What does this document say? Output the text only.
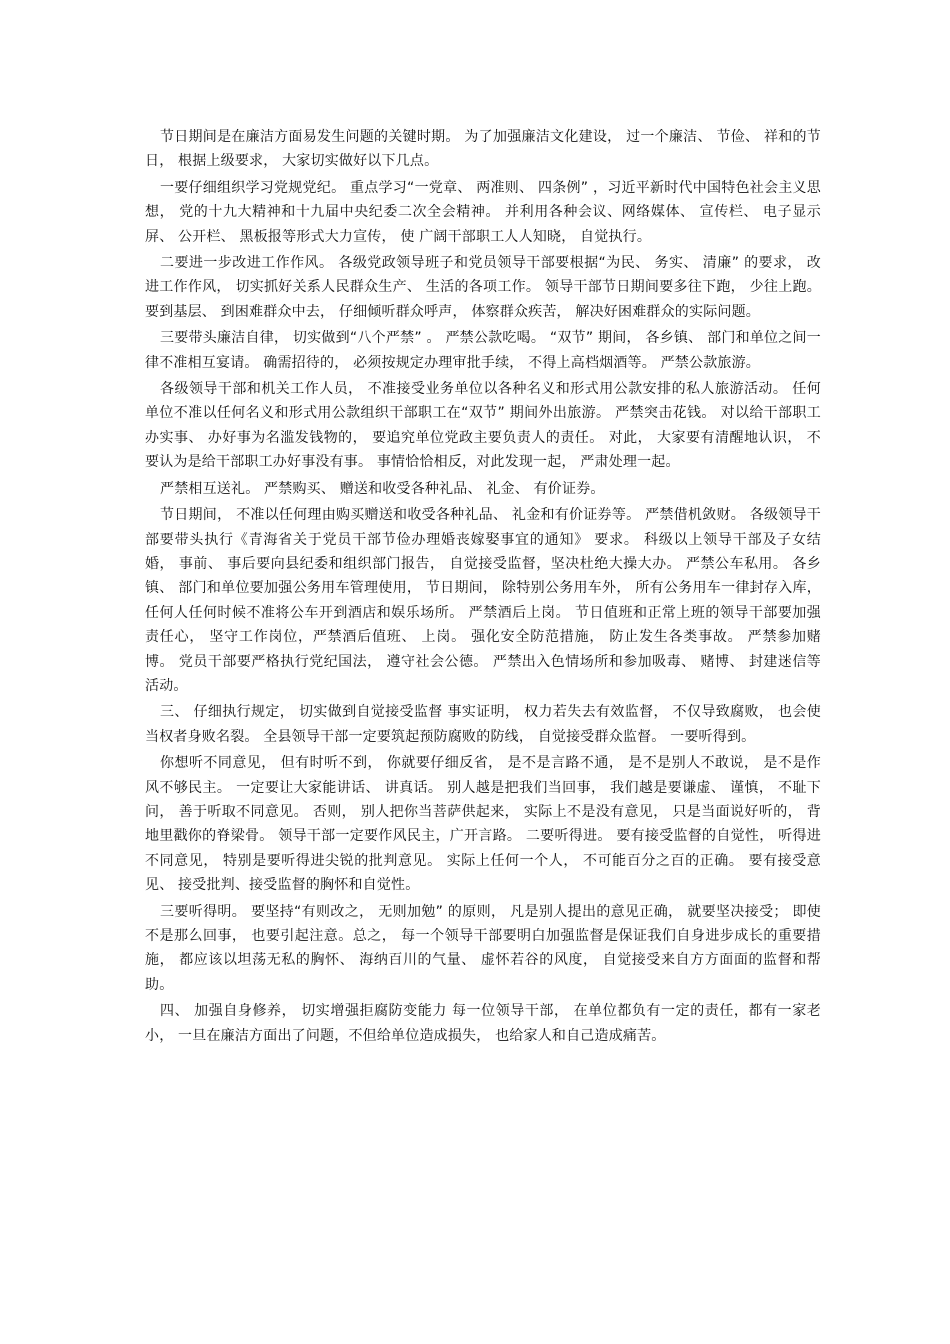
节日期间是在廉洁方面易发生问题的关键时期。 为了加强廉洁文化建设， 过一个廉洁、 节俭、 祥和的节日， 根据上级要求， 大家切实做好以下几点。

一要仔细组织学习党规党纪。 重点学习“一党章、 两准则、 四条例” ，习近平新时代中国特色社会主义思想， 党的十九大精神和十九届中央纪委二次全会精神。 并利用各种会议、网络媒体、 宣传栏、 电子显示屏、 公开栏、 黑板报等形式大力宣传， 使 广阔干部职工人人知晓， 自觉执行。

二要进一步改进工作作风。 各级党政领导班子和党员领导干部要根据“为民、 务实、 清廉” 的要求， 改进工作作风， 切实抓好关系人民群众生产、 生活的各项工作。 领导干部节日期间要多往下跑， 少往上跑。 要到基层、 到困难群众中去， 仔细倾听群众呼声， 体察群众疾苦， 解决好困难群众的实际问题。

三要带头廉洁自律， 切实做到“八个严禁” 。 严禁公款吃喝。 “双节” 期间， 各乡镇、 部门和单位之间一律不准相互宴请。 确需招待的， 必须按规定办理审批手续， 不得上高档烟酒等。 严禁公款旅游。

各级领导干部和机关工作人员， 不准接受业务单位以各种名义和形式用公款安排的私人旅游活动。 任何单位不准以任何名义和形式用公款组织干部职工在“双节” 期间外出旅游。 严禁突击花钱。 对以给干部职工办实事、 办好事为名滥发钱物的， 要追究单位党政主要负责人的责任。 对此， 大家要有清醒地认识， 不要认为是给干部职工办好事没有事。 事情恰恰相反，对此发现一起， 严肃处理一起。

严禁相互送礼。 严禁购买、 赠送和收受各种礼品、 礼金、 有价证券。

节日期间， 不准以任何理由购买赠送和收受各种礼品、 礼金和有价证券等。 严禁借机敛财。 各级领导干部要带头执行《青海省关于党员干部节俭办理婚丧嫁娶事宜的通知》 要求。 科级以上领导干部及子女结婚， 事前、 事后要向县纪委和组织部门报告， 自觉接受监督，坚决杜绝大操大办。 严禁公车私用。 各乡镇、 部门和单位要加强公务用车管理使用， 节日期间， 除特别公务用车外， 所有公务用车一律封存入库， 任何人任何时候不准将公车开到酒店和娱乐场所。 严禁酒后上岗。 节日值班和正常上班的领导干部要加强责任心， 坚守工作岗位，严禁酒后值班、 上岗。 强化安全防范措施， 防止发生各类事故。 严禁参加赌博。 党员干部要严格执行党纪国法， 遵守社会公德。 严禁出入色情场所和参加吸毒、 赌博、 封建迷信等活动。

三、 仔细执行规定， 切实做到自觉接受监督 事实证明， 权力若失去有效监督， 不仅导致腐败， 也会使当权者身败名裂。 全县领导干部一定要筑起预防腐败的防线， 自觉接受群众监督。 一要听得到。

你想听不同意见， 但有时听不到， 你就要仔细反省， 是不是言路不通， 是不是别人不敢说， 是不是作风不够民主。 一定要让大家能讲话、 讲真话。 别人越是把我们当回事， 我们越是要谦虚、 谨慎， 不耻下问， 善于听取不同意见。 否则， 别人把你当菩萨供起来， 实际上不是没有意见， 只是当面说好听的， 背地里戳你的脊梁骨。 领导干部一定要作风民主，广开言路。 二要听得进。 要有接受监督的自觉性， 听得进不同意见， 特别是要听得进尖锐的批判意见。 实际上任何一个人， 不可能百分之百的正确。 要有接受意见、 接受批判、接受监督的胸怀和自觉性。

三要听得明。 要坚持“有则改之， 无则加勉” 的原则， 凡是别人提出的意见正确， 就要坚决接受； 即使不是那么回事， 也要引起注意。总之， 每一个领导干部要明白加强监督是保证我们自身进步成长的重要措施， 都应该以坦荡无私的胸怀、 海纳百川的气量、 虚怀若谷的风度， 自觉接受来自方方面面的监督和帮助。

四、 加强自身修养， 切实增强拒腐防变能力 每一位领导干部， 在单位都负有一定的责任，都有一家老小， 一旦在廉洁方面出了问题，不但给单位造成损失， 也给家人和自己造成痛苦。
